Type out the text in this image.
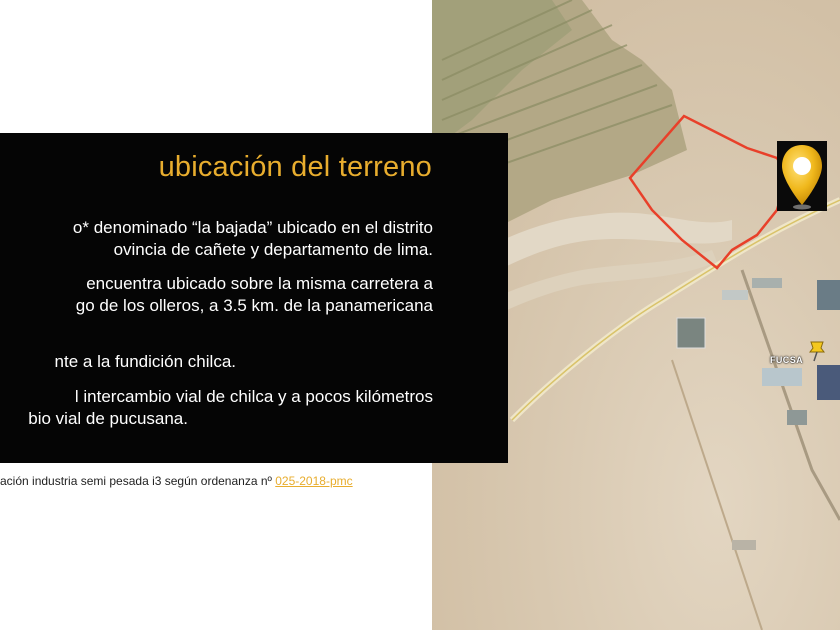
FUCSA
ubicación del terreno

o* denominado “la bajada” ubicado en el distrito

ovincia de cañete y departamento de lima.

encuentra ubicado sobre la misma carretera a

go de los olleros, a 3.5 km. de la panamericana

nte a la fundición chilca.

l intercambio vial de chilca y a pocos kilómetros

bio vial de pucusana.

ación industria semi pesada i3 según ordenanza nº 025-2018-pmc
